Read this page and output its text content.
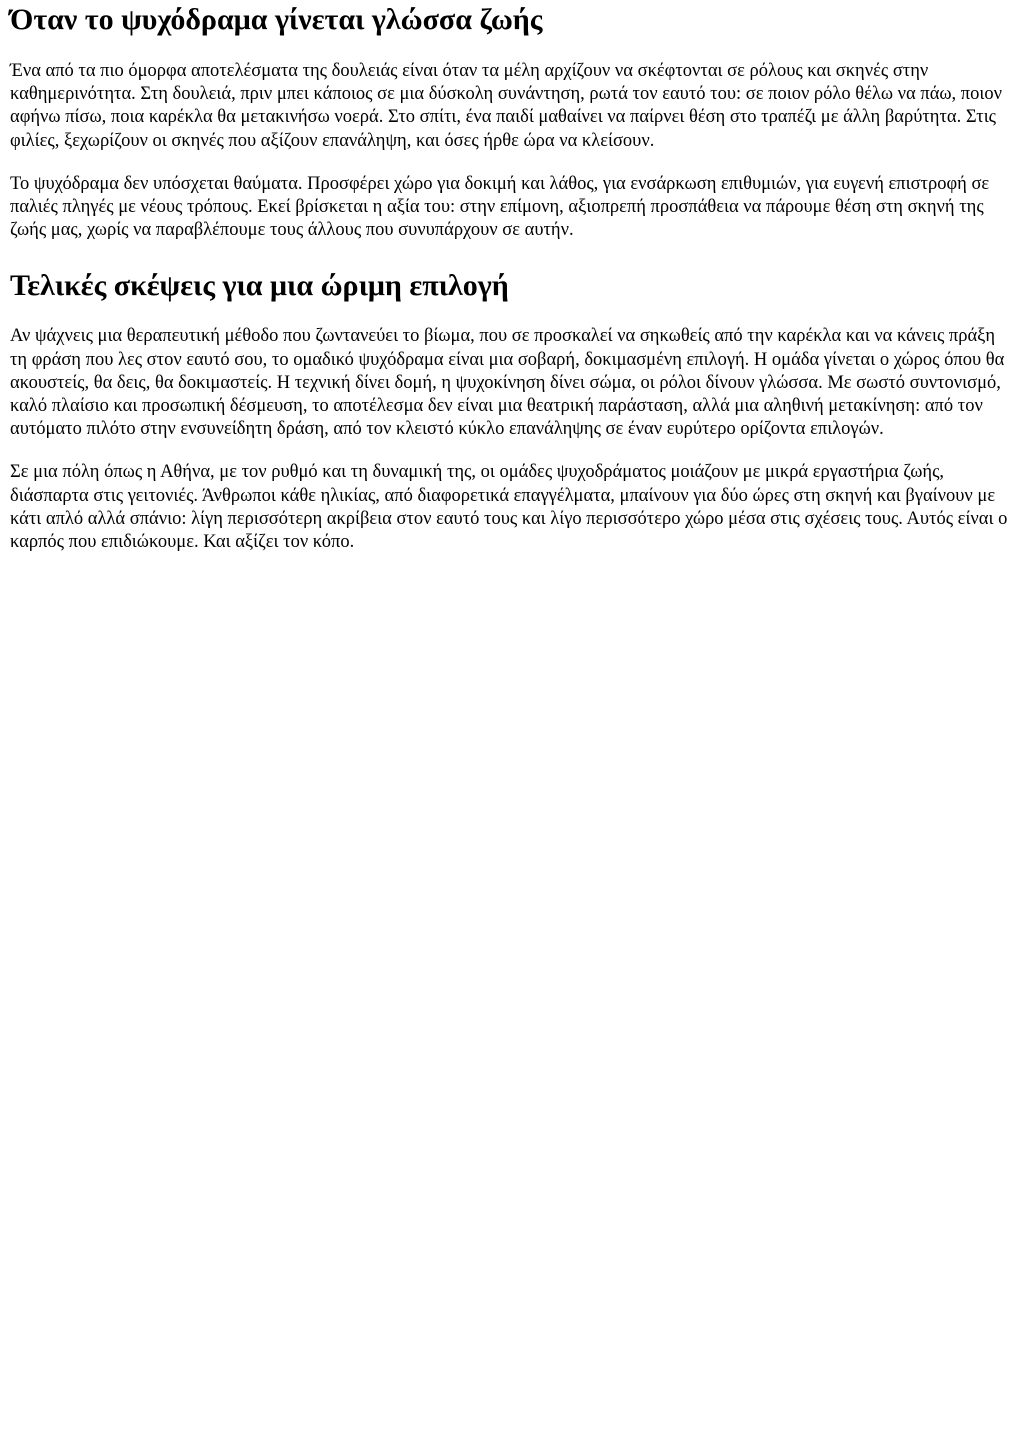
Όταν το ψυχόδραμα γίνεται γλώσσα ζωής

Ένα από τα πιο όμορφα αποτελέσματα της δουλειάς είναι όταν τα μέλη αρχίζουν να σκέφτονται σε ρόλους και σκηνές στην καθημερινότητα. Στη δουλειά, πριν μπει κάποιος σε μια δύσκολη συνάντηση, ρωτά τον εαυτό του: σε ποιον ρόλο θέλω να πάω, ποιον αφήνω πίσω, ποια καρέκλα θα μετακινήσω νοερά. Στο σπίτι, ένα παιδί μαθαίνει να παίρνει θέση στο τραπέζι με άλλη βαρύτητα. Στις φιλίες, ξεχωρίζουν οι σκηνές που αξίζουν επανάληψη, και όσες ήρθε ώρα να κλείσουν.

Το ψυχόδραμα δεν υπόσχεται θαύματα. Προσφέρει χώρο για δοκιμή και λάθος, για ενσάρκωση επιθυμιών, για ευγενή επιστροφή σε παλιές πληγές με νέους τρόπους. Εκεί βρίσκεται η αξία του: στην επίμονη, αξιοπρεπή προσπάθεια να πάρουμε θέση στη σκηνή της ζωής μας, χωρίς να παραβλέπουμε τους άλλους που συνυπάρχουν σε αυτήν.

Τελικές σκέψεις για μια ώριμη επιλογή

Αν ψάχνεις μια θεραπευτική μέθοδο που ζωντανεύει το βίωμα, που σε προσκαλεί να σηκωθείς από την καρέκλα και να κάνεις πράξη τη φράση που λες στον εαυτό σου, το ομαδικό ψυχόδραμα είναι μια σοβαρή, δοκιμασμένη επιλογή. Η ομάδα γίνεται ο χώρος όπου θα ακουστείς, θα δεις, θα δοκιμαστείς. Η τεχνική δίνει δομή, η ψυχοκίνηση δίνει σώμα, οι ρόλοι δίνουν γλώσσα. Με σωστό συντονισμό, καλό πλαίσιο και προσωπική δέσμευση, το αποτέλεσμα δεν είναι μια θεατρική παράσταση, αλλά μια αληθινή μετακίνηση: από τον αυτόματο πιλότο στην ενσυνείδητη δράση, από τον κλειστό κύκλο επανάληψης σε έναν ευρύτερο ορίζοντα επιλογών.

Σε μια πόλη όπως η Αθήνα, με τον ρυθμό και τη δυναμική της, οι ομάδες ψυχοδράματος μοιάζουν με μικρά εργαστήρια ζωής, διάσπαρτα στις γειτονιές. Άνθρωποι κάθε ηλικίας, από διαφορετικά επαγγέλματα, μπαίνουν για δύο ώρες στη σκηνή και βγαίνουν με κάτι απλό αλλά σπάνιο: λίγη περισσότερη ακρίβεια στον εαυτό τους και λίγο περισσότερο χώρο μέσα στις σχέσεις τους. Αυτός είναι ο καρπός που επιδιώκουμε. Και αξίζει τον κόπο.
